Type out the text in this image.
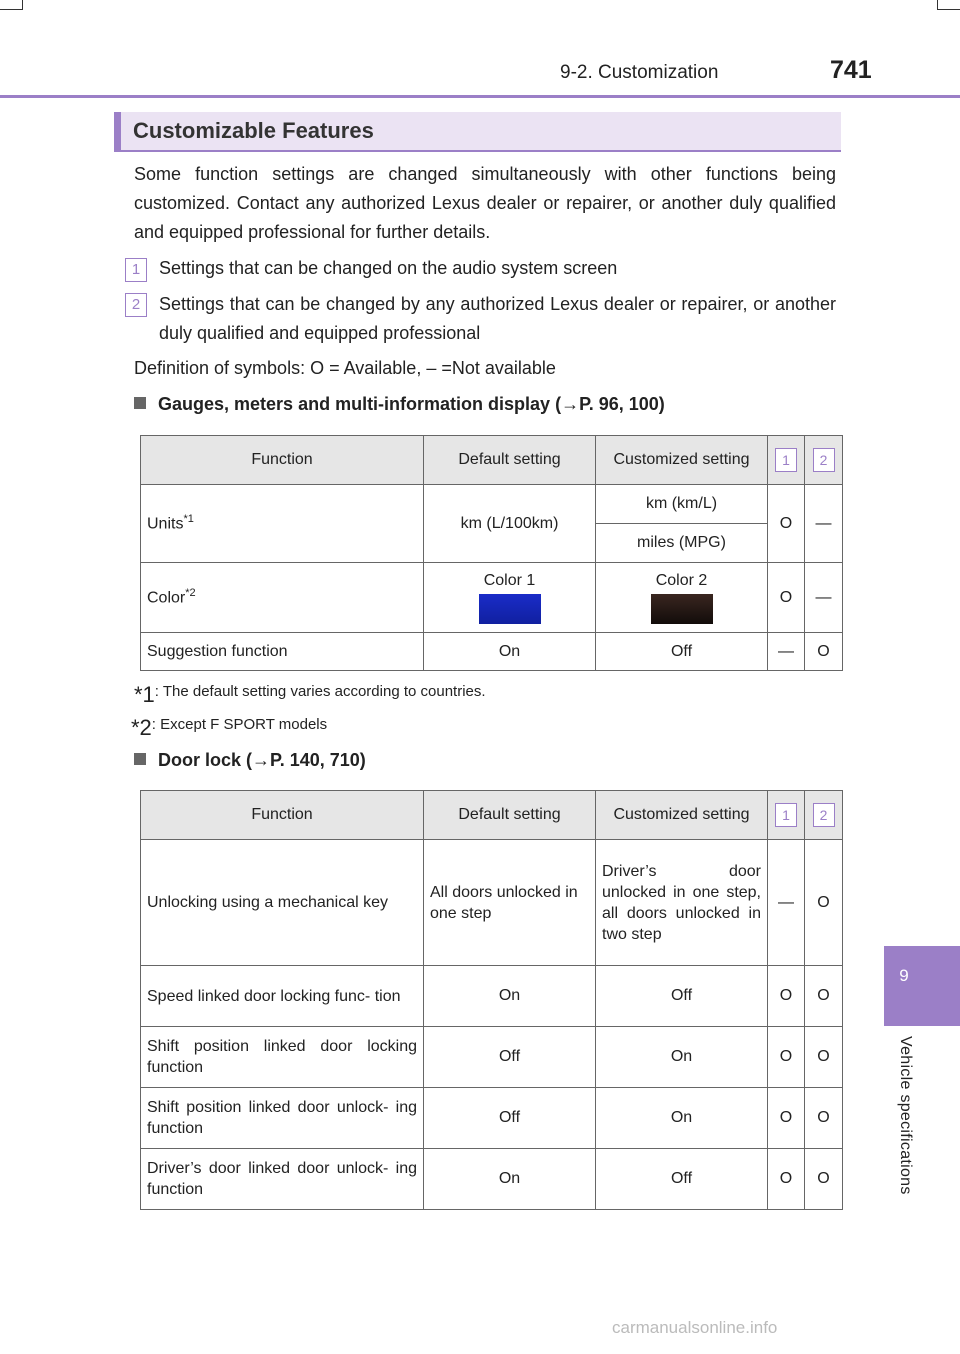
9-2. Customization	741
9
Vehicle specifications
Customizable Features
Some function settings are changed simultaneously with other functions being customized. Contact any authorized Lexus dealer or repairer, or another duly qualified and equipped professional for further details.
1	Settings that can be changed on the audio system screen
2	Settings that can be changed by any authorized Lexus dealer or repairer, or another duly qualified and equipped professional
Definition of symbols: O = Available, – =Not available
Gauges, meters and multi-information display (→P. 96, 100)
Function	Default setting	Customized setting	1	2
Units$^{*1}$	km (L/100km)	km (km/L)	O	—
		miles (MPG)		
Color$^{*2}$	Color 1	Color 2	O	—
Suggestion function	On	Off	—	O
*1: The default setting varies according to countries.
*2: Except F SPORT models
Door lock (→P. 140, 710)
Function	Default setting	Customized setting	1	2
Unlocking using a mechanical key	All doors unlocked in one step	Driver’s door unlocked in one step, all doors unlocked in two step	—	O
Speed linked door locking func- tion	On	Off	O	O
Shift position linked door locking function	Off	On	O	O
Shift position linked door unlock- ing function	Off	On	O	O
Driver’s door linked door unlock- ing function	On	Off	O	O
carmanualsonline.info
